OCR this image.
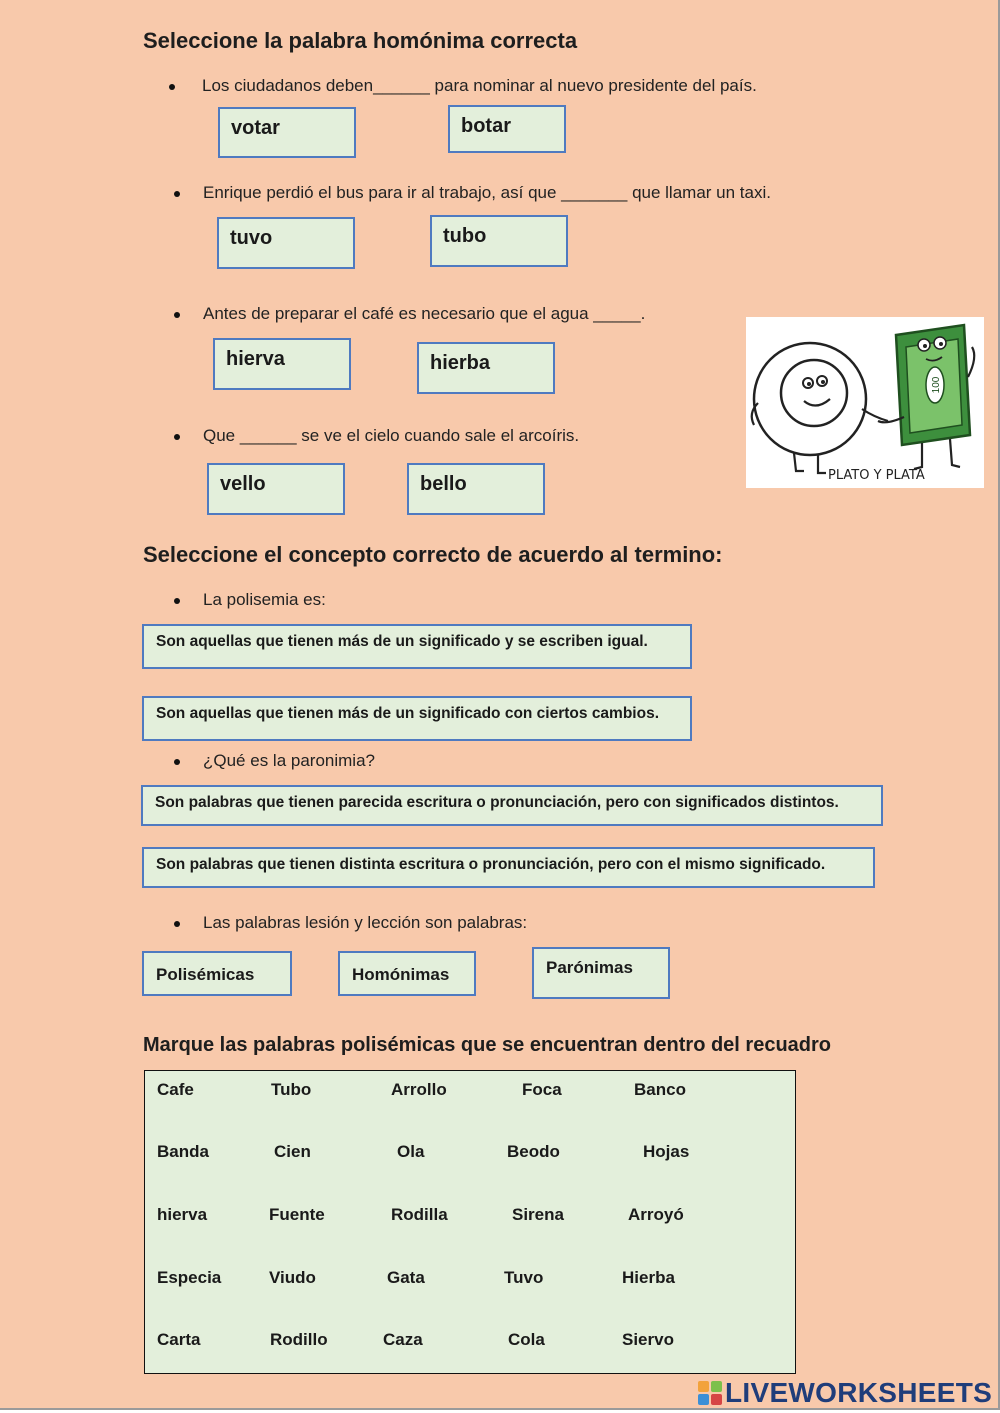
Seleccione la palabra homónima correcta
Los ciudadanos deben______ para nominar al nuevo presidente del país.
votar	botar
Enrique perdió el bus para ir al trabajo, así que _______ que llamar un taxi.
tuvo	tubo
Antes de preparar el café es necesario que el agua _____.
hierva	hierba
Que ______ se ve el cielo cuando sale el arcoíris.
vello	bello
100
PLATO Y PLATA
Seleccione el concepto correcto de acuerdo al termino:
La polisemia es:
Son aquellas que tienen más de un significado y se escriben igual.
Son aquellas que tienen más de un significado con ciertos cambios.
¿Qué es la paronimia?
Son palabras que tienen parecida escritura o pronunciación, pero con significados distintos.
Son palabras que tienen distinta escritura o pronunciación, pero con el mismo significado.
Las palabras lesión y lección son palabras:
Polisémicas	Homónimas	Parónimas
Marque las palabras polisémicas que se encuentran dentro del recuadro
Cafe	Tubo	Arrollo	Foca	Banco
Banda	Cien	Ola	Beodo	Hojas
hierva	Fuente	Rodilla	Sirena	Arroyó
Especia	Viudo	Gata	Tuvo	Hierba
Carta	Rodillo	Caza	Cola	Siervo
LIVEWORKSHEETS
